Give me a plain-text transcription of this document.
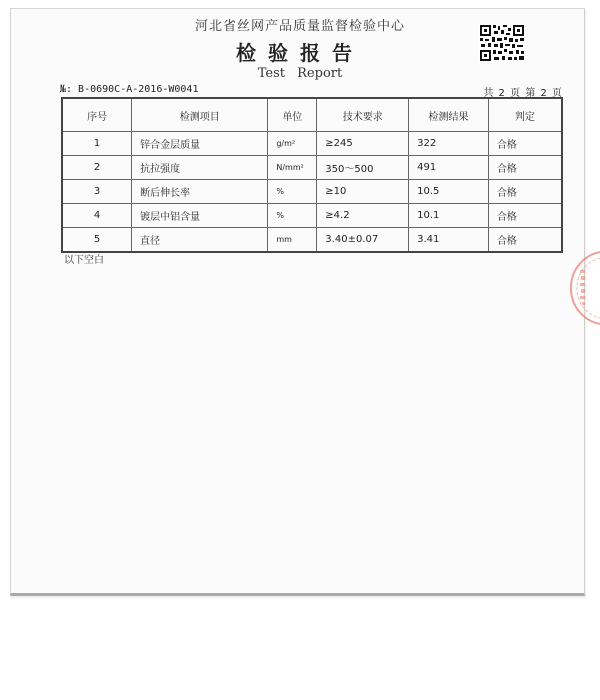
河北省丝网产品质量监督检验中心
检验报告
Test Report
№: B-0690C-A-2016-W0041	共 2 页 第 2 页
序号	检测项目	单位	技术要求	检测结果	判定
1	锌合金层质量	g/m²	≥245	322	合格
2	抗拉强度	N/mm²	350～500	491	合格
3	断后伸长率	%	≥10	10.5	合格
4	镀层中铝含量	%	≥4.2	10.1	合格
5	直径	mm	3.40±0.07	3.41	合格
以下空白
